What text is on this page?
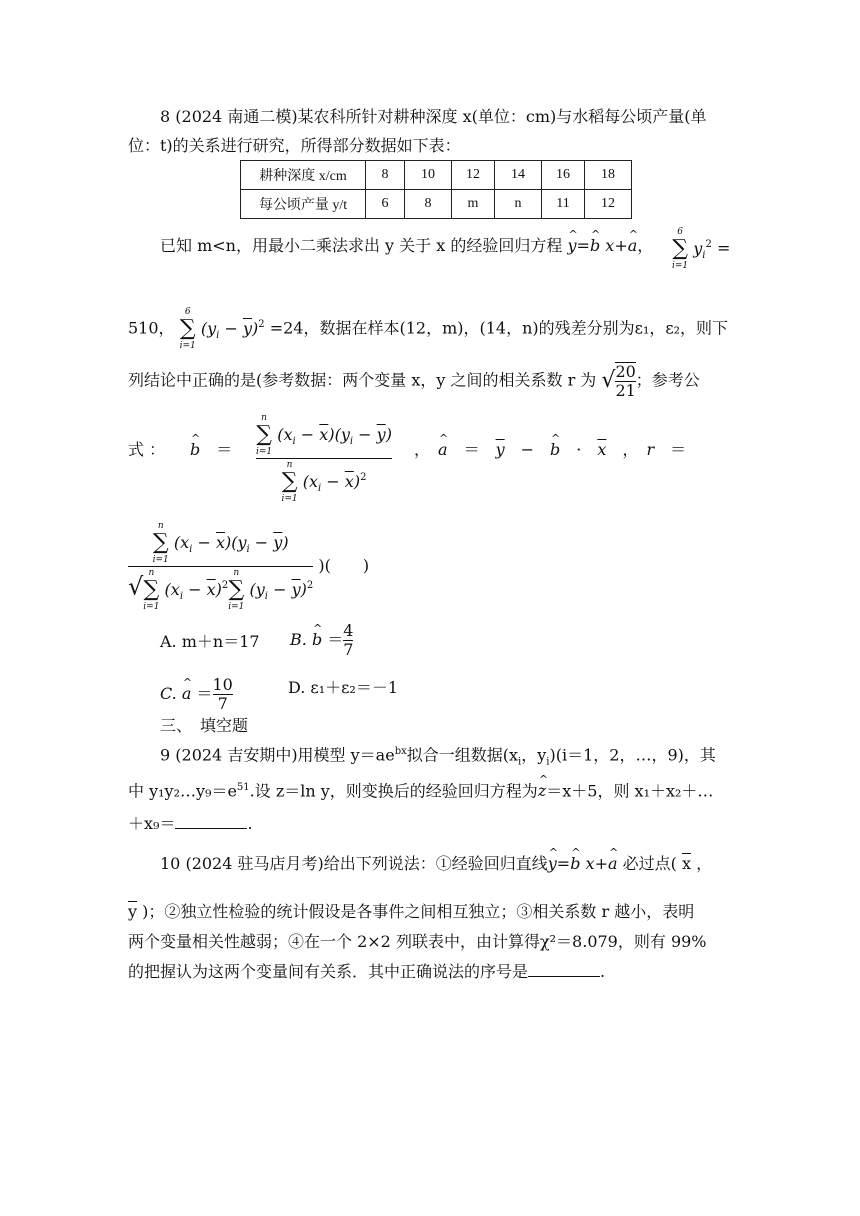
8 (2024 南通二模)某农科所针对耕种深度 x(单位：cm)与水稻每公顷产量(单
位：t)的关系进行研究，所得部分数据如下表：
耕种深度 x/cm	8	10	12	14	16	18
每公顷产量 y/t	6	8	m	n	11	12
已知 m<n，用最小二乘法求出 y 关于 x 的经验回归方程 ^ y=^ b x+^ a，
6
∑
i=1
$y_i^2$ =
510，
6
∑
i=1
$(y_i - \overline{y})^2 =24$，数据在样本(12，m)，(14，n)的残差分别为ε₁，ε₂，则下
列结论中正确的是(参考数据：两个变量 x，y 之间的相关系数 r 为 √ $\frac{20}{21}$ ；参考公
式 ： ^ b　＝	n
∑
i=1
$(x_i - \overline{x})(y_i - \overline{y})$
n
∑
i=1
$(x_i - \overline{x})^2$ ，　^ a　＝　$\overline{y}$　−　^ b　·　$\overline{x}$　，　r　＝
n
∑
i=1
$(x_i - \overline{x})(y_i - \overline{y})$
√ n
∑
i=1
$(x_i - \overline{x})^2$
n
∑
i=1
$(y_i - \overline{y})^2$ )(　　)
A. m＋n＝17 B. ^ $b = \frac{4}{7}$
C. ^ $a = \frac{10}{7}$	D. ε₁＋ε₂＝－1
三、　填空题
9 (2024 吉安期中)用模型 $y=ae^{bx}$拟合一组数据($x_i$，$y_i)(i=1$，2，…，9)，其
中 $y_1y_2\dots y_9=e^{51}$.设 z＝ln y，则变换后的经验回归方程为^ z＝x＋5，则 x₁＋x₂＋…
＋x₉＝	.
10 (2024 驻马店月考)给出下列说法：①经验回归直线^ y=^ b x+^ a 必过点( $\overline{x}$ ，
$\overline{y}$ )；②独立性检验的统计假设是各事件之间相互独立；③相关系数 r 越小，表明
两个变量相关性越弱；④在一个 2×2 列联表中，由计算得χ²＝8.079，则有 99%
的把握认为这两个变量间有关系．其中正确说法的序号是	.
